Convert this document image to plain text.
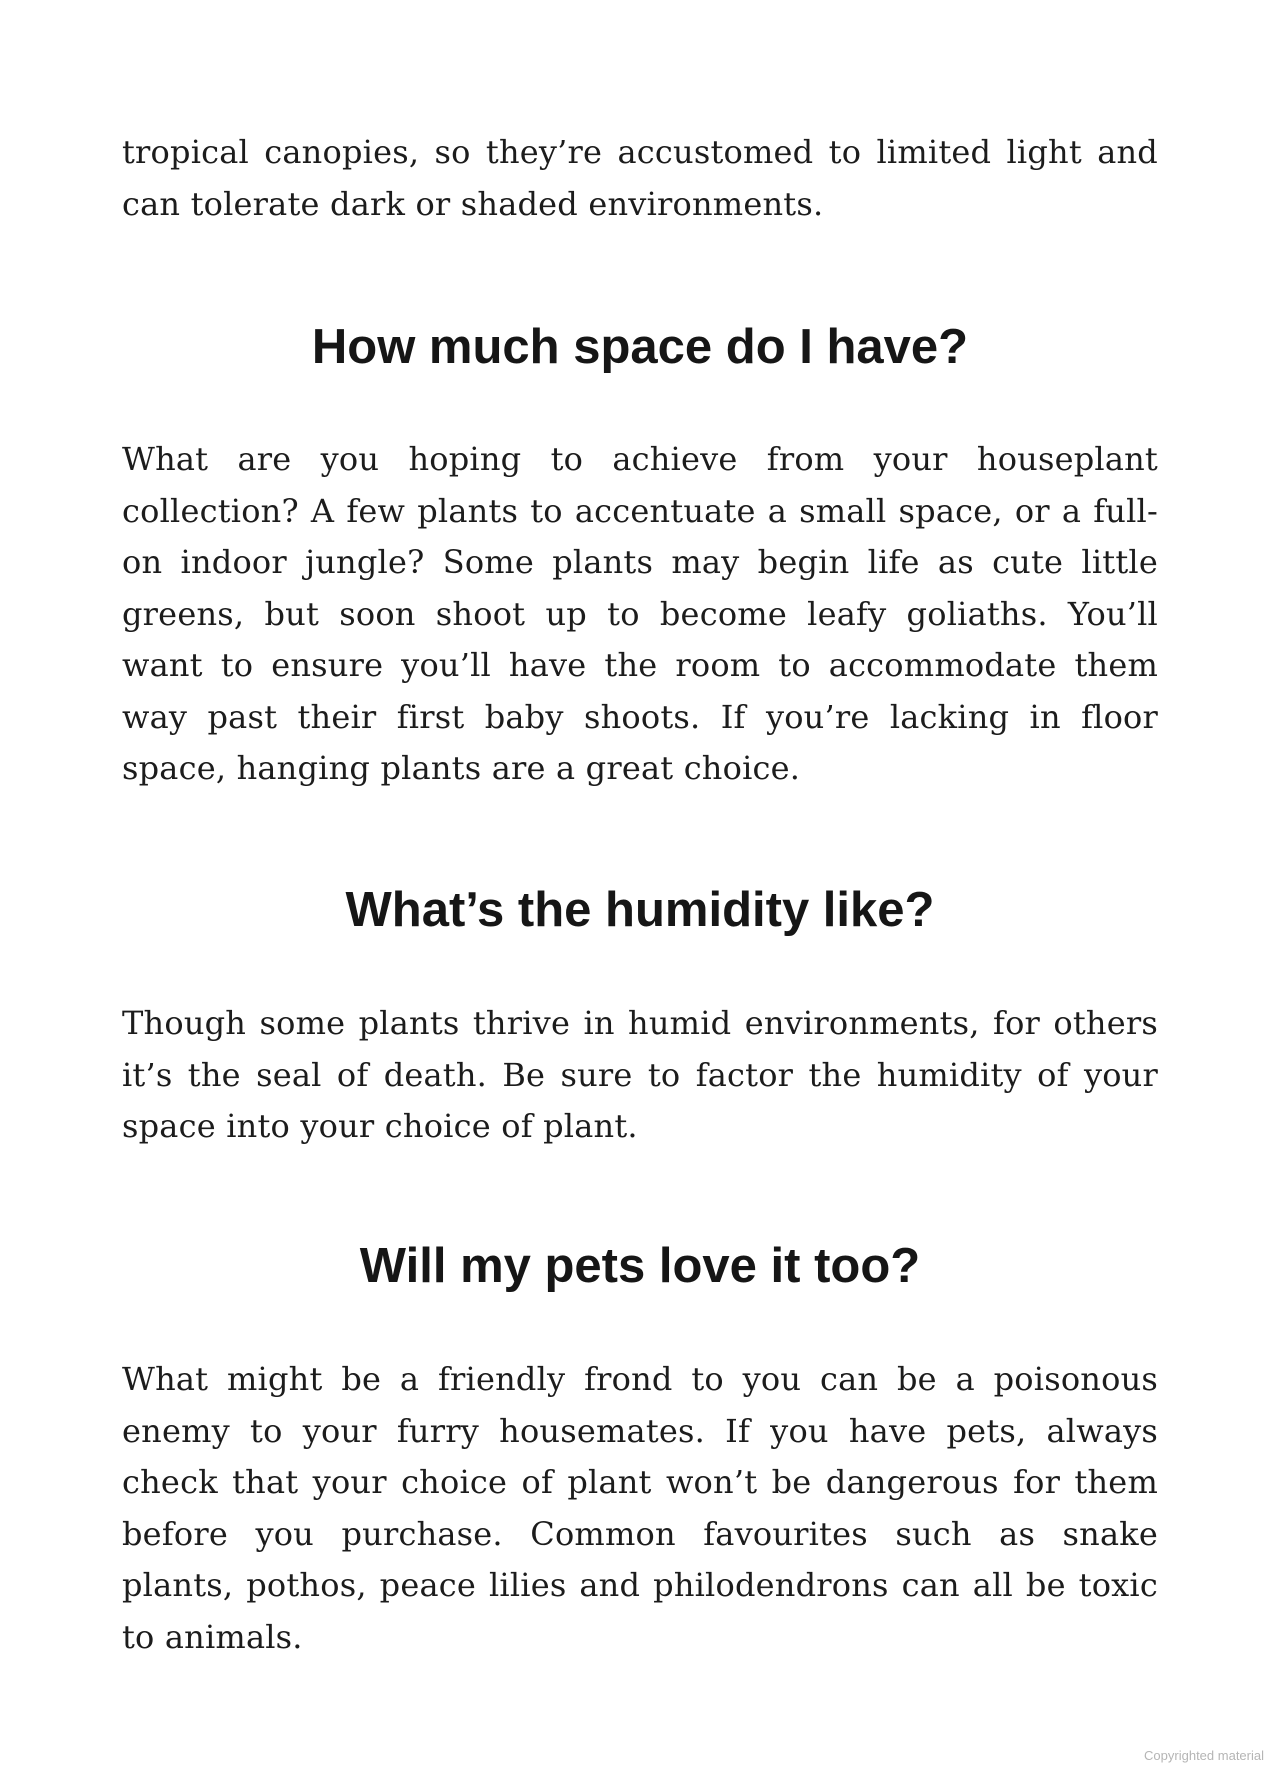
tropical canopies, so they’re accustomed to limited light and can tolerate dark or shaded environments.

How much space do I have?

What are you hoping to achieve from your houseplant collection? A few plants to accentuate a small space, or a full-on indoor jungle? Some plants may begin life as cute little greens, but soon shoot up to become leafy goliaths. You’ll want to ensure you’ll have the room to accommodate them way past their first baby shoots. If you’re lacking in floor space, hanging plants are a great choice.

What’s the humidity like?

Though some plants thrive in humid environments, for others it’s the seal of death. Be sure to factor the humidity of your space into your choice of plant.

Will my pets love it too?

What might be a friendly frond to you can be a poisonous enemy to your furry housemates. If you have pets, always check that your choice of plant won’t be dangerous for them before you purchase. Common favourites such as snake plants, pothos, peace lilies and philodendrons can all be toxic to animals.

Copyrighted material
